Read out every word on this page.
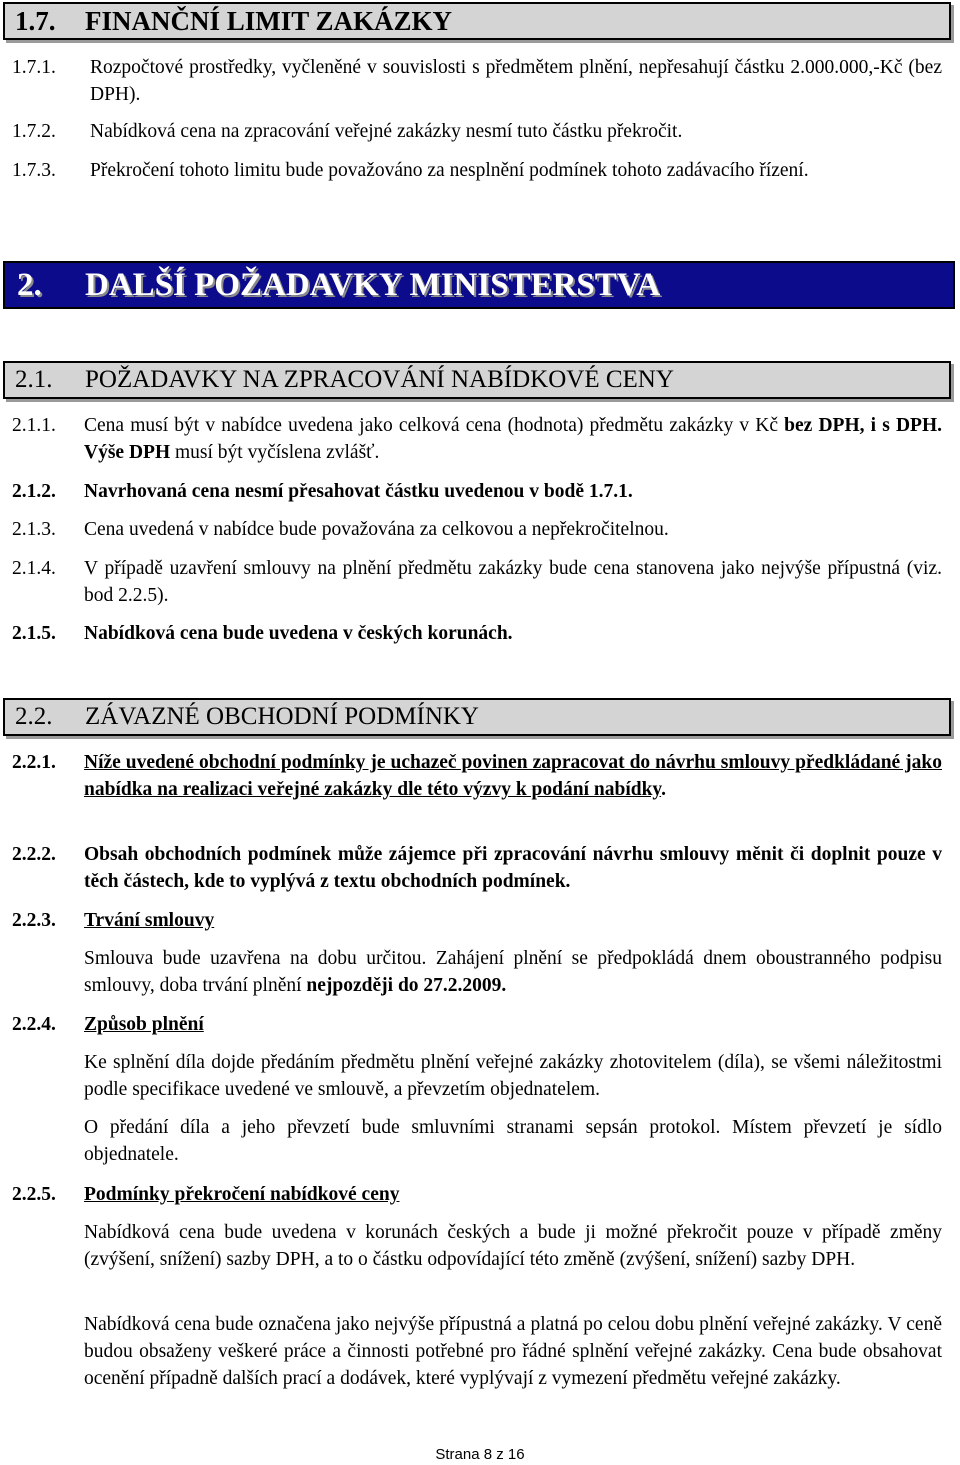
1.7. FINANČNÍ LIMIT ZAKÁZKY
1.7.1. Rozpočtové prostředky, vyčleněné v souvislosti s předmětem plnění, nepřesahují částku 2.000.000,-Kč (bez DPH).
1.7.2. Nabídková cena na zpracování veřejné zakázky nesmí tuto částku překročit.
1.7.3. Překročení tohoto limitu bude považováno za nesplnění podmínek tohoto zadávacího řízení.
2. DALŠÍ POŽADAVKY MINISTERSTVA
2.1. POŽADAVKY NA ZPRACOVÁNÍ NABÍDKOVÉ CENY
2.1.1. Cena musí být v nabídce uvedena jako celková cena (hodnota) předmětu zakázky v Kč bez DPH, i s DPH. Výše DPH musí být vyčíslena zvlášť.
2.1.2. Navrhovaná cena nesmí přesahovat částku uvedenou v bodě 1.7.1.
2.1.3. Cena uvedená v nabídce bude považována za celkovou a nepřekročitelnou.
2.1.4. V případě uzavření smlouvy na plnění předmětu zakázky bude cena stanovena jako nejvýše přípustná (viz. bod 2.2.5).
2.1.5. Nabídková cena bude uvedena v českých korunách.
2.2. ZÁVAZNÉ OBCHODNÍ PODMÍNKY
2.2.1. Níže uvedené obchodní podmínky je uchazeč povinen zapracovat do návrhu smlouvy předkládané jako nabídka na realizaci veřejné zakázky dle této výzvy k podání nabídky.
2.2.2. Obsah obchodních podmínek může zájemce při zpracování návrhu smlouvy měnit či doplnit pouze v těch částech, kde to vyplývá z textu obchodních podmínek.
2.2.3. Trvání smlouvy
Smlouva bude uzavřena na dobu určitou. Zahájení plnění se předpokládá dnem oboustranného podpisu smlouvy, doba trvání plnění nejpozději do 27.2.2009.
2.2.4. Způsob plnění
Ke splnění díla dojde předáním předmětu plnění veřejné zakázky zhotovitelem (díla), se všemi náležitostmi podle specifikace uvedené ve smlouvě, a převzetím objednatelem.
O předání díla a jeho převzetí bude smluvními stranami sepsán protokol. Místem převzetí je sídlo objednatele.
2.2.5. Podmínky překročení nabídkové ceny
Nabídková cena bude uvedena v korunách českých a bude ji možné překročit pouze v případě změny (zvýšení, snížení) sazby DPH, a to o částku odpovídající této změně (zvýšení, snížení) sazby DPH.
Nabídková cena bude označena jako nejvýše přípustná a platná po celou dobu plnění veřejné zakázky. V ceně budou obsaženy veškeré práce a činnosti potřebné pro řádné splnění veřejné zakázky. Cena bude obsahovat ocenění případně dalších prací a dodávek, které vyplývají z vymezení předmětu veřejné zakázky.
Strana 8 z 16
